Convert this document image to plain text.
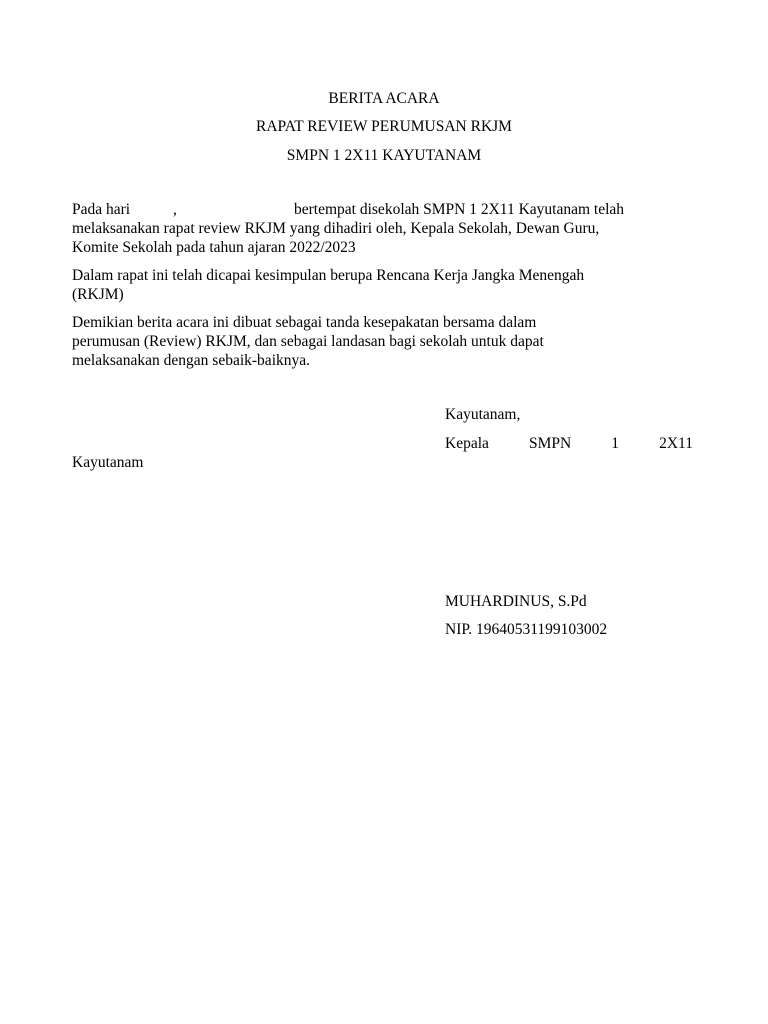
BERITA ACARA
RAPAT REVIEW PERUMUSAN RKJM
SMPN 1 2X11 KAYUTANAM
Pada hari	,	bertempat disekolah SMPN 1 2X11 Kayutanam telah
melaksanakan rapat review RKJM yang dihadiri oleh, Kepala Sekolah, Dewan Guru,
Komite Sekolah pada tahun ajaran 2022/2023
Dalam rapat ini telah dicapai kesimpulan berupa Rencana Kerja Jangka Menengah
(RKJM)
Demikian berita acara ini dibuat sebagai tanda kesepakatan bersama dalam
perumusan (Review) RKJM, dan sebagai landasan bagi sekolah untuk dapat
melaksanakan dengan sebaik-baiknya.
Kayutanam,
Kepala	SMPN	1	2X11
Kayutanam
MUHARDINUS, S.Pd
NIP. 19640531199103002
